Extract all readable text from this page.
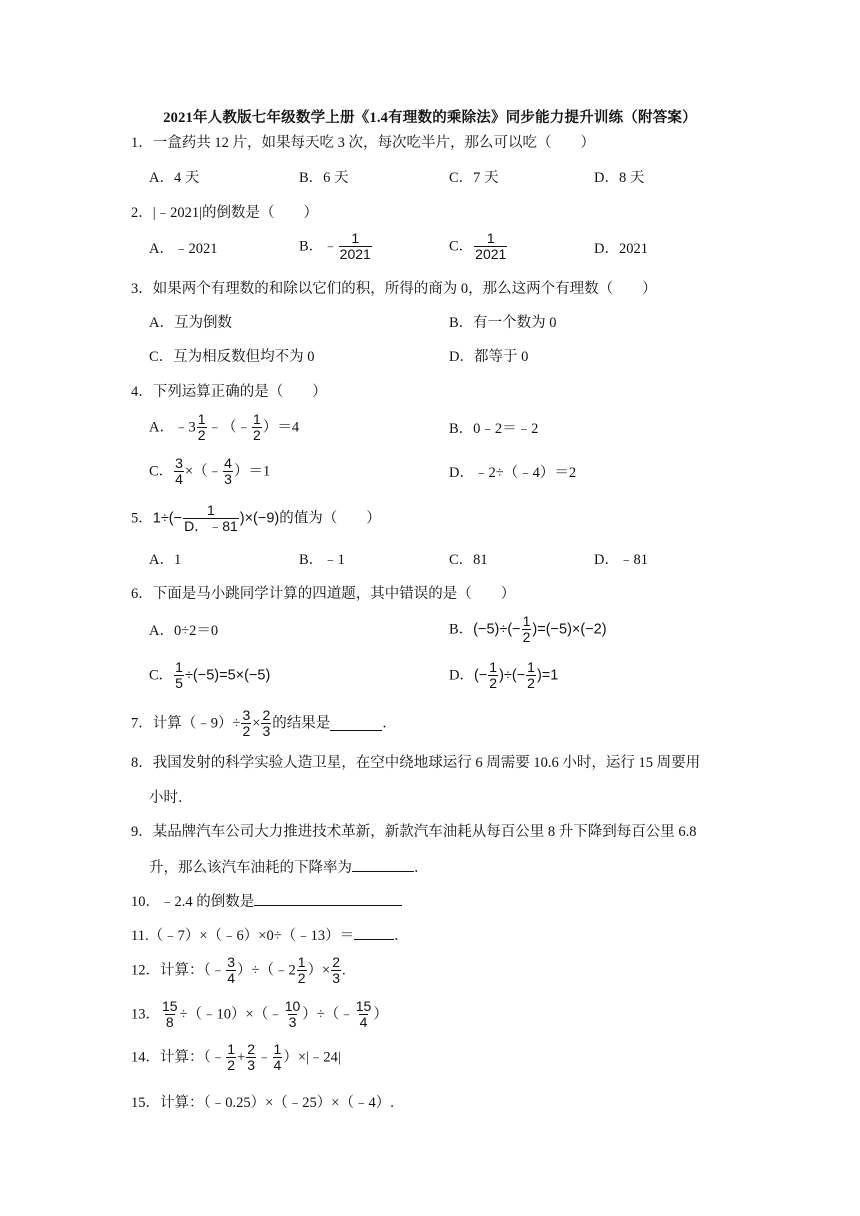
2021年人教版七年级数学上册《1.4有理数的乘除法》同步能力提升训练（附答案）
1．一盒药共 12 片，如果每天吃 3 次，每次吃半片，那么可以吃（　　）
A．4 天	B．6 天	C．7 天	D．8 天
2．|﹣2021|的倒数是（　　）
A．﹣2021	B．﹣ $\frac{1}{2021}$	C． $\frac{1}{2021}$	D．2021
3．如果两个有理数的和除以它们的积，所得的商为 0，那么这两个有理数（　　）
A．互为倒数	B．有一个数为 0
C．互为相反数但均不为 0	D．都等于 0
4．下列运算正确的是（　　）
A．﹣3 $\frac{1}{2}$ ﹣（﹣ $\frac{1}{2} )=4$	B．0﹣2＝﹣2
C． $\frac{3}{4}$ ×（﹣ $\frac{4}{3} )=1$	D．﹣2÷（﹣4）＝2
5．$1\div(- \frac{1}{D.﹣81} )\times(-9)$的值为（　　）
A．1	B．﹣1	C．81	D．﹣81
6．下面是马小跳同学计算的四道题，其中错误的是（　　）
A．0÷2＝0	B．$(-5)\div(- \frac{1}{2} )=(-5)\times(-2)$
C． $\frac{1}{5} \div(-5)=5\times(-5)$	D．(− $\frac{1}{2}$ )÷(− $\frac{1}{2} )=1$
7．计算（﹣9）÷ $\frac{3}{2} \times \frac{2}{3}$ 的结果是	．
8．我国发射的科学实验人造卫星，在空中绕地球运行 6 周需要 10.6 小时，运行 15 周要用
小时．
9．某品牌汽车公司大力推进技术革新，新款汽车油耗从每百公里 8 升下降到每百公里 6.8
升，那么该汽车油耗的下降率为	．
10．﹣2.4 的倒数是
11.（﹣7）×（﹣6）×0÷（﹣13）＝	．
12．计算：（﹣ $\frac{3}{4}$ ）÷（﹣2 $\frac{1}{2}$ ）× $\frac{2}{3}$ .
13． $\frac{15}{8}$ ÷（﹣10）×（﹣ $\frac{10}{3}$ ）÷（﹣ $\frac{15}{4}$ ）
14．计算：（﹣ $\frac{1}{2} + \frac{2}{3}$ ﹣ $\frac{1}{4}$ ）×|﹣24|
15．计算：（﹣0.25）×（﹣25）×（﹣4）.
